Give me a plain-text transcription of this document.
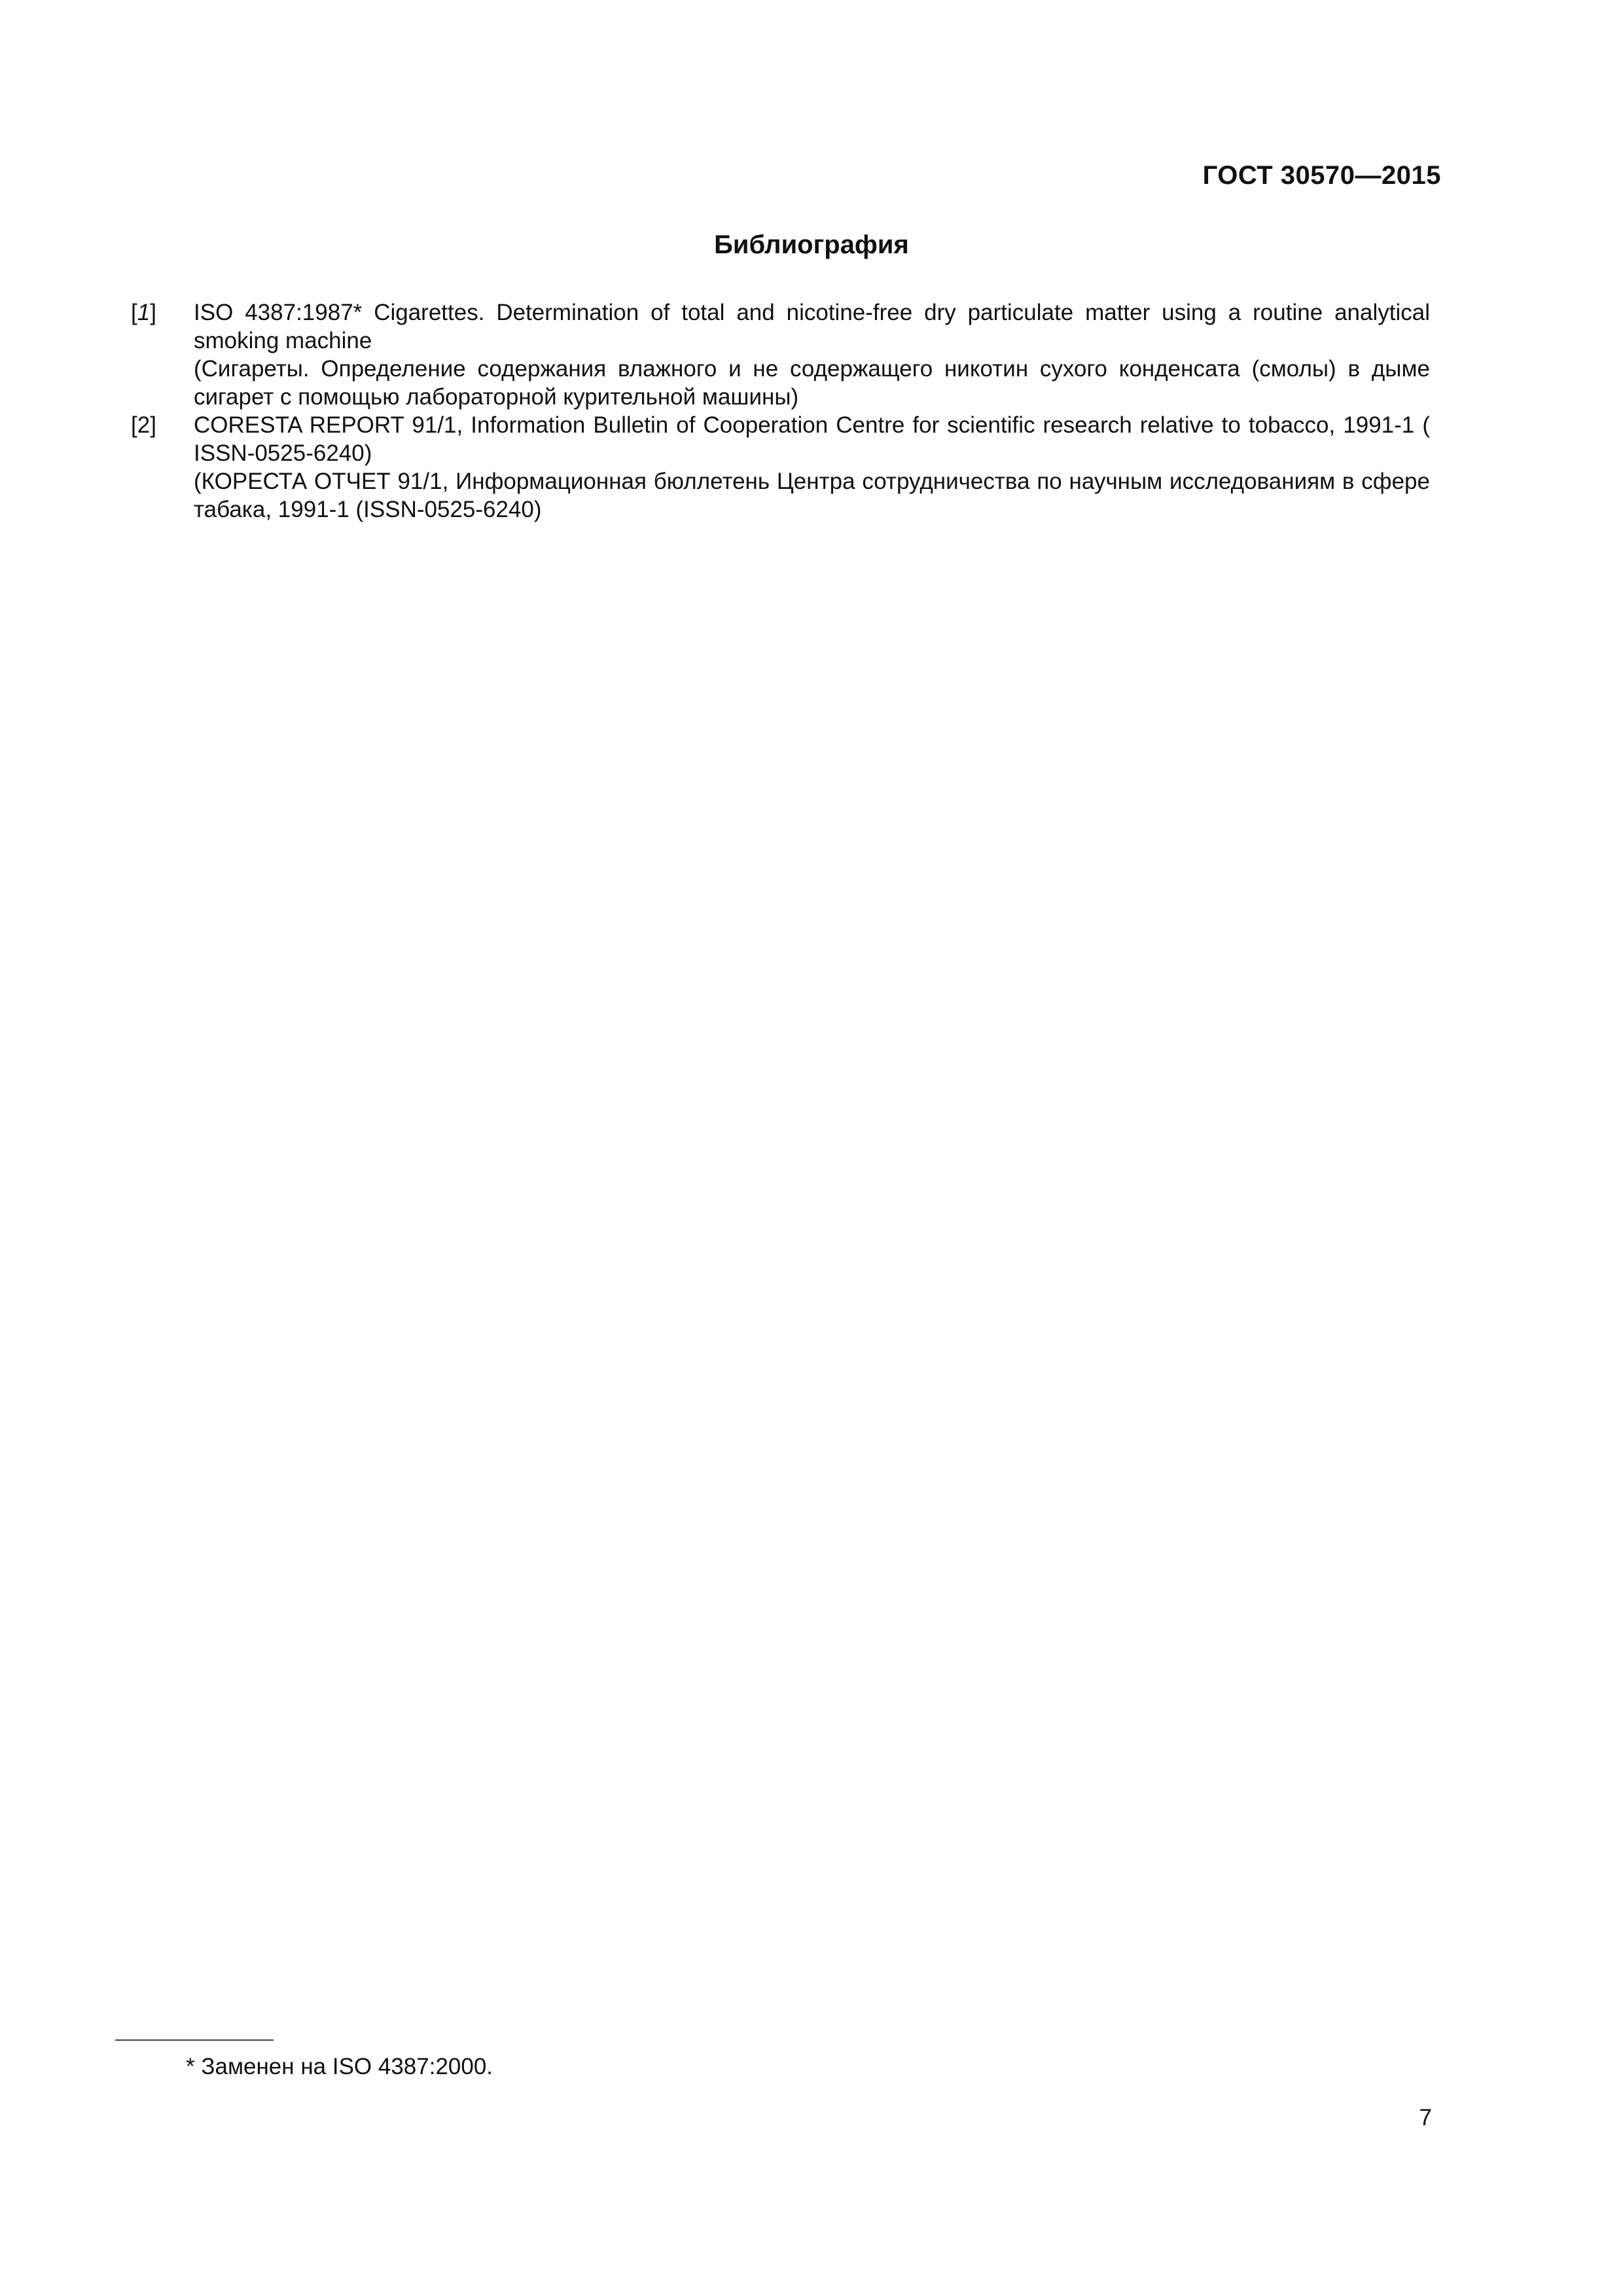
ГОСТ 30570—2015
Библиография
[1]	ISO 4387:1987* Cigarettes. Determination of total and nicotine-free dry particulate matter using a routine analytical smoking machine
(Сигареты. Определение содержания влажного и не содержащего никотин сухого конденсата (смолы) в дыме сигарет с помощью лабораторной курительной машины)
[2]	CORESTA REPORT 91/1, Information Bulletin of Cooperation Centre for scientific research relative to tobacco, 1991-1 ( ISSN-0525-6240)
(КОРЕСТА ОТЧЕТ 91/1, Информационная бюллетень Центра сотрудничества по научным исследованиям в сфере табака, 1991-1 (ISSN-0525-6240)
* Заменен на ISO 4387:2000.
7
